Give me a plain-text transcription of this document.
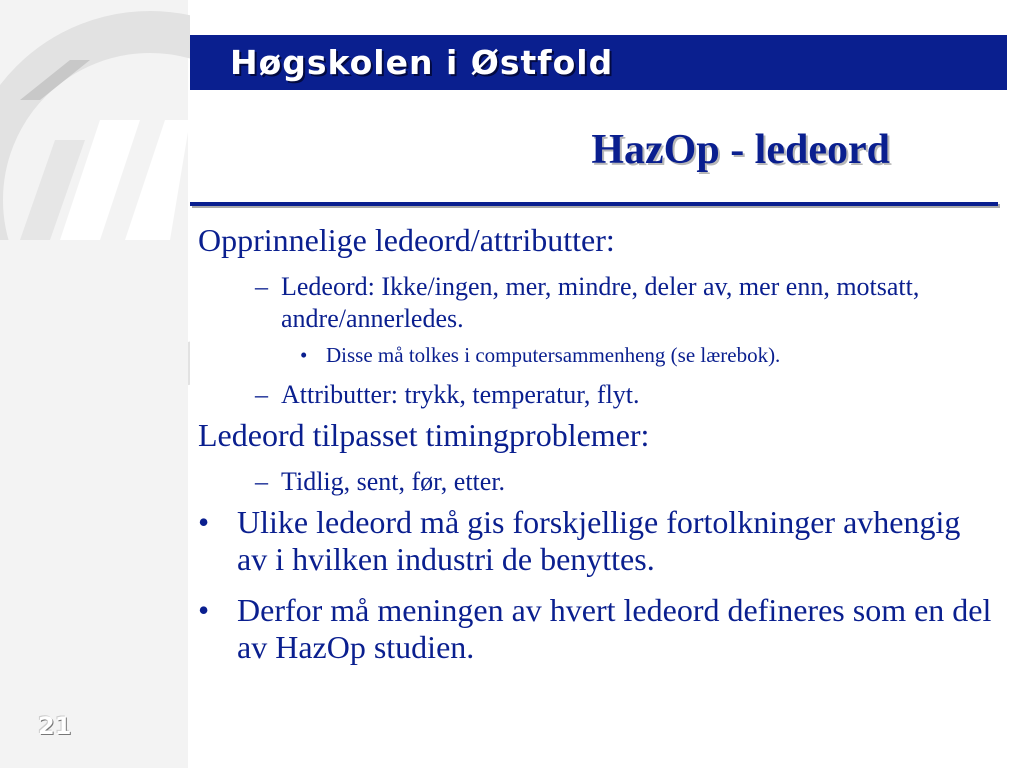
Høgskolen i Østfold
HazOp - ledeord
Opprinnelige ledeord/attributter:
– Ledeord: Ikke/ingen, mer, mindre, deler av, mer enn, motsatt, andre/annerledes.
• Disse må tolkes i computersammenheng (se lærebok).
– Attributter: trykk, temperatur, flyt.
Ledeord tilpasset timingproblemer:
– Tidlig, sent, før, etter.
• Ulike ledeord må gis forskjellige fortolkninger avhengig av i hvilken industri de benyttes.
• Derfor må meningen av hvert ledeord defineres som en del av HazOp studien.
21
